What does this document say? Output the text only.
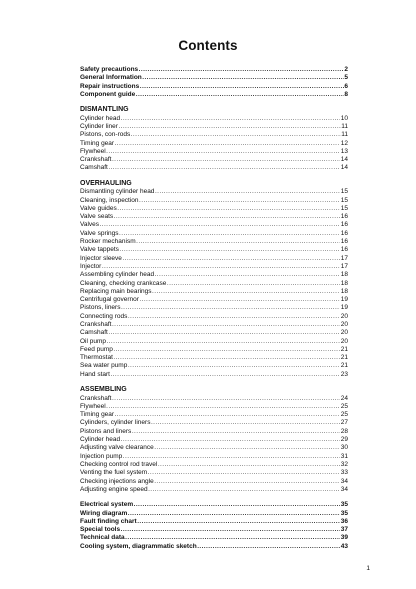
Contents
Safety precautions .....	2
General Information .....	5
Repair instructions .....	6
Component guide .....	8
DISMANTLING
Cylinder head .....	10
Cylinder liner .....	11
Pistons, con-rods .....	11
Timing gear .....	12
Flywheel .....	13
Crankshaft .....	14
Camshaft .....	14
OVERHAULING
Dismantling cylinder head .....	15
Cleaning, inspection .....	15
Valve guides .....	15
Valve seats .....	16
Valves .....	16
Valve springs .....	16
Rocker mechanism .....	16
Valve tappets .....	16
Injector sleeve .....	17
Injector .....	17
Assembling cylinder head .....	18
Cleaning, checking crankcase .....	18
Replacing main bearings .....	18
Centrifugal governor .....	19
Pistons, liners .....	19
Connecting rods .....	20
Crankshaft .....	20
Camshaft .....	20
Oil pump .....	20
Feed pump .....	21
Thermostat .....	21
Sea water pump .....	21
Hand start .....	23
ASSEMBLING
Crankshaft .....	24
Flywheel .....	25
Timing gear .....	25
Cylinders, cylinder liners .....	27
Pistons and liners .....	28
Cylinder head .....	29
Adjusting valve clearance .....	30
Injection pump .....	31
Checking control rod travel .....	32
Venting the fuel system .....	33
Checking injections angle .....	34
Adjusting engine speed .....	34
Electrical system .....	35
Wiring diagram .....	35
Fault finding chart .....	36
Special tools .....	37
Technical data .....	39
Cooling system, diagrammatic sketch .....	43
1
